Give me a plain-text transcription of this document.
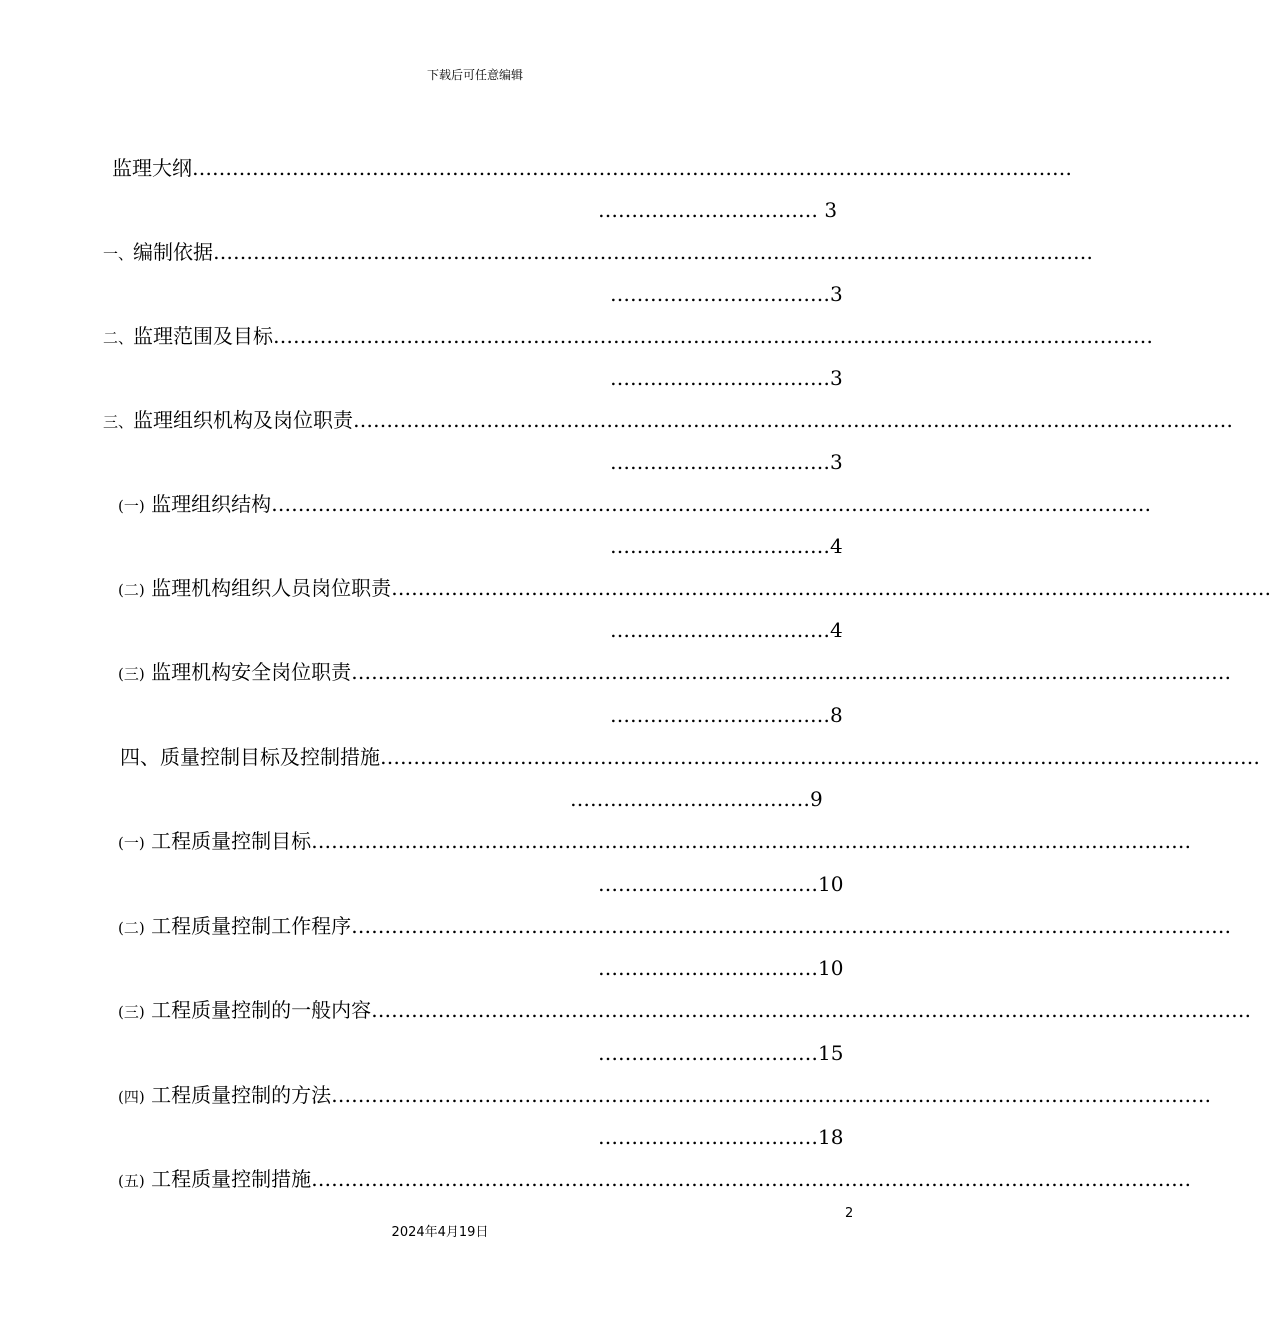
下载后可任意编辑
监理大纲……………………………………………………………………………………………………………………
…………………………… 3
一、编制依据……………………………………………………………………………………………………………………
……………………………3
二、监理范围及目标……………………………………………………………………………………………………………………
……………………………3
三、监理组织机构及岗位职责……………………………………………………………………………………………………………………
……………………………3
(一) 监理组织结构……………………………………………………………………………………………………………………
……………………………4
(二) 监理机构组织人员岗位职责……………………………………………………………………………………………………………………
……………………………4
(三) 监理机构安全岗位职责……………………………………………………………………………………………………………………
……………………………8
四、质量控制目标及控制措施……………………………………………………………………………………………………………………
………………………………9
(一) 工程质量控制目标……………………………………………………………………………………………………………………
……………………………10
(二) 工程质量控制工作程序……………………………………………………………………………………………………………………
……………………………10
(三) 工程质量控制的一般内容……………………………………………………………………………………………………………………
……………………………15
(四) 工程质量控制的方法……………………………………………………………………………………………………………………
……………………………18
(五) 工程质量控制措施……………………………………………………………………………………………………………………
2
2024年4月19日
